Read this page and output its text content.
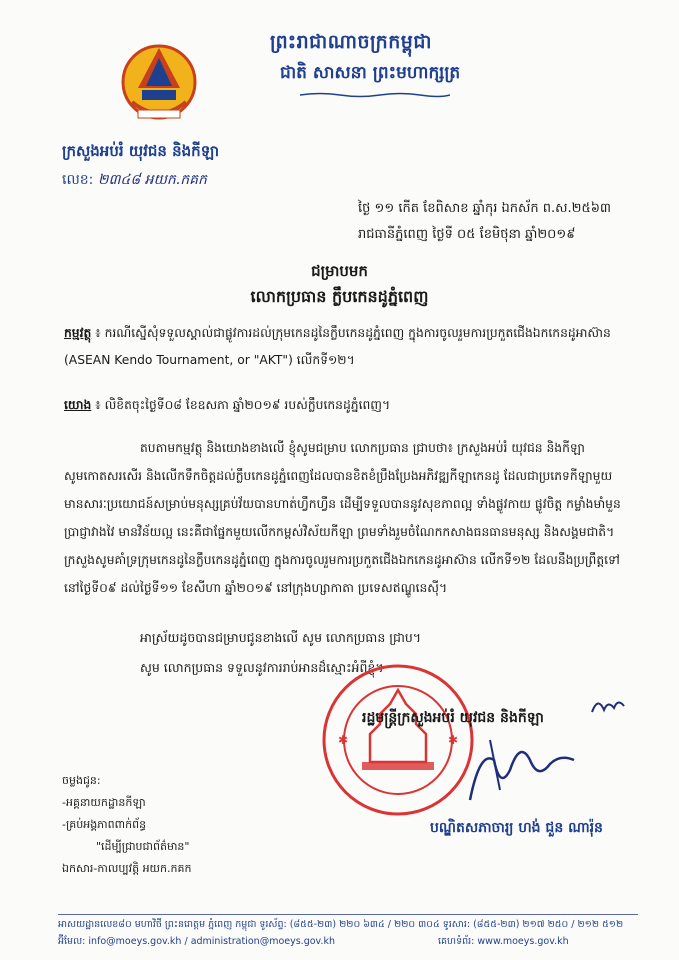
ព្រះរាជាណាចក្រកម្ពុជា
ជាតិ សាសនា ព្រះមហាក្សត្រ
ក្រសួងអប់រំ យុវជន និងកីឡា
លេខ: ២៣៤៨ អយក.កគក
ថ្ងៃ ១១ កើត ខែពិសាខ ឆ្នាំកុរ ឯកស័ក ព.ស.២៥៦៣
រាជធានីភ្នំពេញ ថ្ងៃទី ០៥ ខែមិថុនា ឆ្នាំ២០១៩
ជម្រាបមក
លោកប្រធាន ក្លឹបកេនដូភ្នំពេញ
កម្មវត្ថុ ៖ ករណីស្នើសុំទទួលស្គាល់ជាផ្លូវការដល់ក្រុមកេនដូនៃក្លឹបកេនដូភ្នំពេញ ក្នុងការចូលរួមការប្រកួតជើងឯកកេនដូអាស៊ាន (ASEAN Kendo Tournament, or "AKT") លើកទី១២។
យោង ៖ លិខិតចុះថ្ងៃទី០៨ ខែឧសភា ឆ្នាំ២០១៩ របស់ក្លឹបកេនដូភ្នំពេញ។
តបតាមកម្មវត្ថុ និងយោងខាងលើ ខ្ញុំសូមជម្រាប លោកប្រធាន ជ្រាបថា៖ ក្រសួងអប់រំ យុវជន និងកីឡា សូមកោតសរសើរ និងលើកទឹកចិត្តដល់ក្លឹបកេនដូភ្នំពេញដែលបានខិតខំប្រឹងប្រែងអភិវឌ្ឍកីឡាកេនដូ ដែលជាប្រភេទកីឡាមួយមានសារៈប្រយោជន៍សម្រាប់មនុស្សគ្រប់វ័យបានហាត់ហ្វឹកហ្វឺន ដើម្បីទទួលបាននូវសុខភាពល្អ ទាំងផ្លូវកាយ ផ្លូវចិត្ត កម្លាំងមាំមួន ប្រាជ្ញាវាងវៃ មានវិន័យល្អ នេះគឺជាផ្នែកមួយលើកកម្ពស់វិស័យកីឡា ព្រមទាំងរួមចំណែកកសាងធនធានមនុស្ស និងសង្គមជាតិ។ ក្រសួងសូមគាំទ្រក្រុមកេនដូនៃក្លឹបកេនដូភ្នំពេញ ក្នុងការចូលរួមការប្រកួតជើងឯកកេនដូអាស៊ាន លើកទី១២ ដែលនឹងប្រព្រឹត្តទៅនៅថ្ងៃទី០៩ ដល់ថ្ងៃទី១១ ខែសីហា ឆ្នាំ២០១៩ នៅក្រុងហ្សាកាតា ប្រទេសឥណ្ឌូនេស៊ី។
អាស្រ័យដូចបានជម្រាបជូនខាងលើ សូម លោកប្រធាន ជ្រាប។
សូម លោកប្រធាន ទទួលនូវការរាប់អានដ៏ស្មោះអំពីខ្ញុំ។
✱	✱
រដ្ឋមន្ត្រីក្រសួងអប់រំ យុវជន និងកីឡា
បណ្ឌិតសភាចារ្យ ហង់ ជួន ណារ៉ុន
ចម្លងជូន:
-អគ្គនាយកដ្ឋានកីឡា
-គ្រប់អង្គភាពពាក់ព័ន្ធ
"ដើម្បីជ្រាបជាព័ត៌មាន"
ឯកសារ-កាលប្បវត្តិ អយក.កគក
អាសយដ្ឋានលេខ៨០ មហាវិថី ព្រះនរោត្តម ភ្នំពេញ កម្ពុជា ទូរស័ព្ទ: (៨៥៥-២៣) ២២០ ៦៣៤ / ២២០ ៣០៤ ទូរសារ: (៨៥៥-២៣) ២១៧ ២៥០ / ២១២ ៥១២
អ៊ីមែល: info@moeys.gov.kh / administration@moeys.gov.kh	គេហទំព័រ: www.moeys.gov.kh
